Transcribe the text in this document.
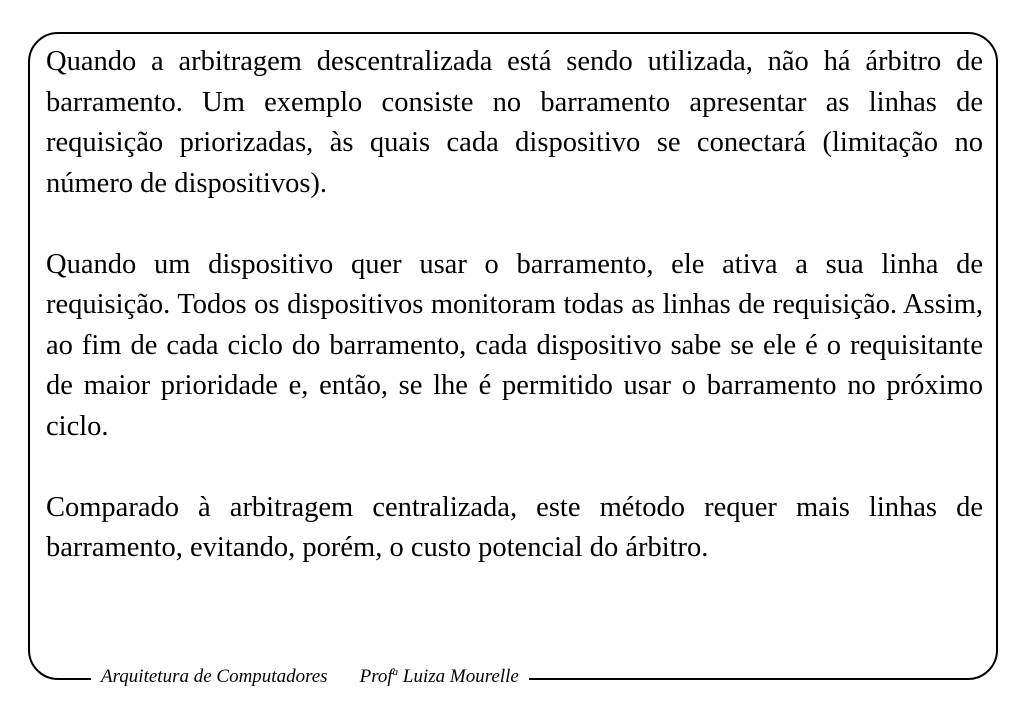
Quando a arbitragem descentralizada está sendo utilizada, não há árbitro de barramento. Um exemplo consiste no barramento apresentar as linhas de requisição priorizadas, às quais cada dispositivo se conectará (limitação no número de dispositivos).

Quando um dispositivo quer usar o barramento, ele ativa a sua linha de requisição. Todos os dispositivos monitoram todas as linhas de requisição. Assim, ao fim de cada ciclo do barramento, cada dispositivo sabe se ele é o requisitante de maior prioridade e, então, se lhe é permitido usar o barramento no próximo ciclo.

Comparado à arbitragem centralizada, este método requer mais linhas de barramento, evitando, porém, o custo potencial do árbitro.

Arquitetura de Computadores Prof$^a$ Luiza Mourelle
